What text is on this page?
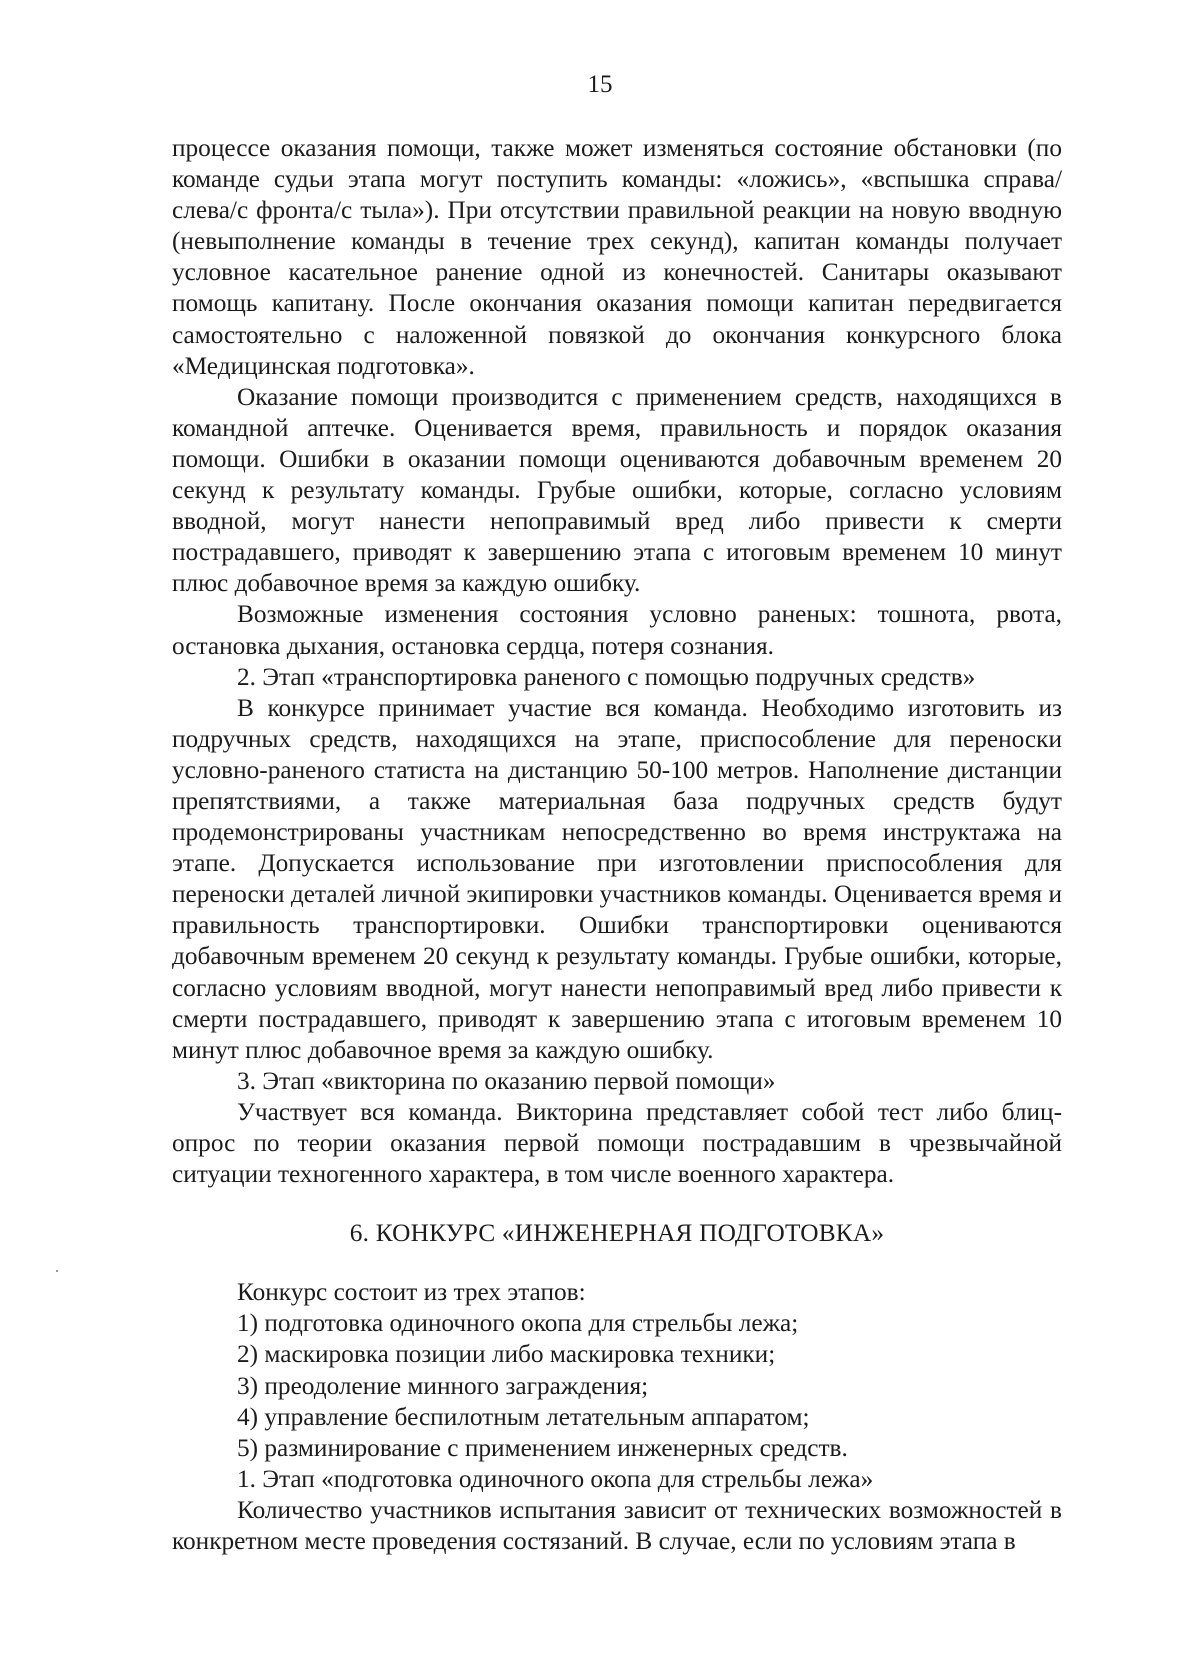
15

процессе оказания помощи, также может изменяться состояние обстановки (по команде судьи этапа могут поступить команды: «ложись», «вспышка справа/слева/с фронта/с тыла»). При отсутствии правильной реакции на новую вводную (невыполнение команды в течение трех секунд), капитан команды получает условное касательное ранение одной из конечностей. Санитары оказывают помощь капитану. После окончания оказания помощи капитан передвигается самостоятельно с наложенной повязкой до окончания конкурсного блока «Медицинская подготовка».

Оказание помощи производится с применением средств, находящихся в командной аптечке. Оценивается время, правильность и порядок оказания помощи. Ошибки в оказании помощи оцениваются добавочным временем 20 секунд к результату команды. Грубые ошибки, которые, согласно условиям вводной, могут нанести непоправимый вред либо привести к смерти пострадавшего, приводят к завершению этапа с итоговым временем 10 минут плюс добавочное время за каждую ошибку.

Возможные изменения состояния условно раненых: тошнота, рвота, остановка дыхания, остановка сердца, потеря сознания.

2. Этап «транспортировка раненого с помощью подручных средств»

В конкурсе принимает участие вся команда. Необходимо изготовить из подручных средств, находящихся на этапе, приспособление для переноски условно-раненого статиста на дистанцию 50-100 метров. Наполнение дистанции препятствиями, а также материальная база подручных средств будут продемонстрированы участникам непосредственно во время инструктажа на этапе. Допускается использование при изготовлении приспособления для переноски деталей личной экипировки участников команды. Оценивается время и правильность транспортировки. Ошибки транспортировки оцениваются добавочным временем 20 секунд к результату команды. Грубые ошибки, которые, согласно условиям вводной, могут нанести непоправимый вред либо привести к смерти пострадавшего, приводят к завершению этапа с итоговым временем 10 минут плюс добавочное время за каждую ошибку.

3. Этап «викторина по оказанию первой помощи»

Участвует вся команда. Викторина представляет собой тест либо блиц-опрос по теории оказания первой помощи пострадавшим в чрезвычайной ситуации техногенного характера, в том числе военного характера.

6. КОНКУРС «ИНЖЕНЕРНАЯ ПОДГОТОВКА»

Конкурс состоит из трех этапов:

1) подготовка одиночного окопа для стрельбы лежа;

2) маскировка позиции либо маскировка техники;

3) преодоление минного заграждения;

4) управление беспилотным летательным аппаратом;

5) разминирование с применением инженерных средств.

1. Этап «подготовка одиночного окопа для стрельбы лежа»

Количество участников испытания зависит от технических возможностей в конкретном месте проведения состязаний. В случае, если по условиям этапа в
